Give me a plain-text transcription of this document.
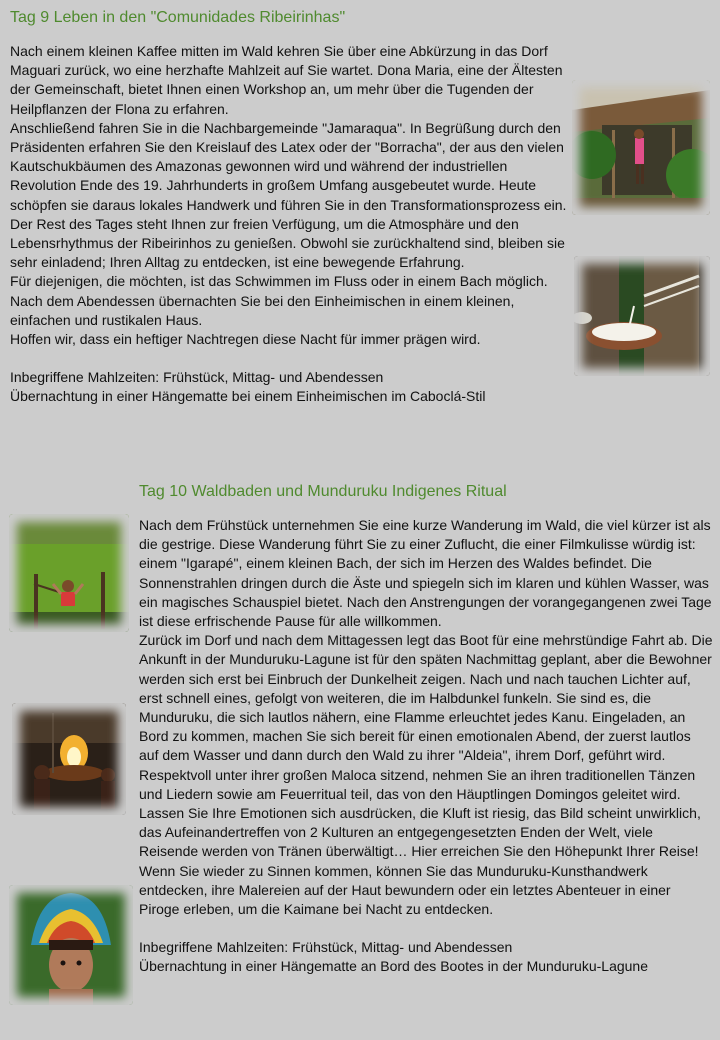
Tag 9 Leben in den "Comunidades Ribeirinhas"

Nach einem kleinen Kaffee mitten im Wald kehren Sie über eine Abkürzung in das Dorf Maguari zurück, wo eine herzhafte Mahlzeit auf Sie wartet. Dona Maria, eine der Ältesten der Gemeinschaft, bietet Ihnen einen Workshop an, um mehr über die Tugenden der Heilpflanzen der Flona zu erfahren.

Anschließend fahren Sie in die Nachbargemeinde "Jamaraqua". In Begrüßung durch den Präsidenten erfahren Sie den Kreislauf des Latex oder der "Borracha", der aus den vielen Kautschukbäumen des Amazonas gewonnen wird und während der industriellen Revolution Ende des 19. Jahrhunderts in großem Umfang ausgebeutet wurde. Heute schöpfen sie daraus lokales Handwerk und führen Sie in den Transformationsprozess ein.

Der Rest des Tages steht Ihnen zur freien Verfügung, um die Atmosphäre und den Lebensrhythmus der Ribeirinhos zu genießen. Obwohl sie zurückhaltend sind, bleiben sie sehr einladend; Ihren Alltag zu entdecken, ist eine bewegende Erfahrung.

Für diejenigen, die möchten, ist das Schwimmen im Fluss oder in einem Bach möglich.

Nach dem Abendessen übernachten Sie bei den Einheimischen in einem kleinen, einfachen und rustikalen Haus.

Hoffen wir, dass ein heftiger Nachtregen diese Nacht für immer prägen wird.

Inbegriffene Mahlzeiten: Frühstück, Mittag- und Abendessen

Übernachtung in einer Hängematte bei einem Einheimischen im Caboclá-Stil

Tag 10 Waldbaden und Munduruku Indigenes Ritual

Nach dem Frühstück unternehmen Sie eine kurze Wanderung im Wald, die viel kürzer ist als die gestrige. Diese Wanderung führt Sie zu einer Zuflucht, die einer Filmkulisse würdig ist: einem "Igarapé", einem kleinen Bach, der sich im Herzen des Waldes befindet. Die Sonnenstrahlen dringen durch die Äste und spiegeln sich im klaren und kühlen Wasser, was ein magisches Schauspiel bietet. Nach den Anstrengungen der vorangegangenen zwei Tage ist diese erfrischende Pause für alle willkommen.

Zurück im Dorf und nach dem Mittagessen legt das Boot für eine mehrstündige Fahrt ab. Die Ankunft in der Munduruku-Lagune ist für den späten Nachmittag geplant, aber die Bewohner werden sich erst bei Einbruch der Dunkelheit zeigen. Nach und nach tauchen Lichter auf, erst schnell eines, gefolgt von weiteren, die im Halbdunkel funkeln. Sie sind es, die Munduruku, die sich lautlos nähern, eine Flamme erleuchtet jedes Kanu. Eingeladen, an Bord zu kommen, machen Sie sich bereit für einen emotionalen Abend, der zuerst lautlos auf dem Wasser und dann durch den Wald zu ihrer "Aldeia", ihrem Dorf, geführt wird. Respektvoll unter ihrer großen Maloca sitzend, nehmen Sie an ihren traditionellen Tänzen und Liedern sowie am Feuerritual teil, das von den Häuptlingen Domingos geleitet wird. Lassen Sie Ihre Emotionen sich ausdrücken, die Kluft ist riesig, das Bild scheint unwirklich, das Aufeinandertreffen von 2 Kulturen an entgegengesetzten Enden der Welt, viele Reisende werden von Tränen überwältigt… Hier erreichen Sie den Höhepunkt Ihrer Reise!

Wenn Sie wieder zu Sinnen kommen, können Sie das Munduruku-Kunsthandwerk entdecken, ihre Malereien auf der Haut bewundern oder ein letztes Abenteuer in einer Piroge erleben, um die Kaimane bei Nacht zu entdecken.

Inbegriffene Mahlzeiten: Frühstück, Mittag- und Abendessen

Übernachtung in einer Hängematte an Bord des Bootes in der Munduruku-Lagune
